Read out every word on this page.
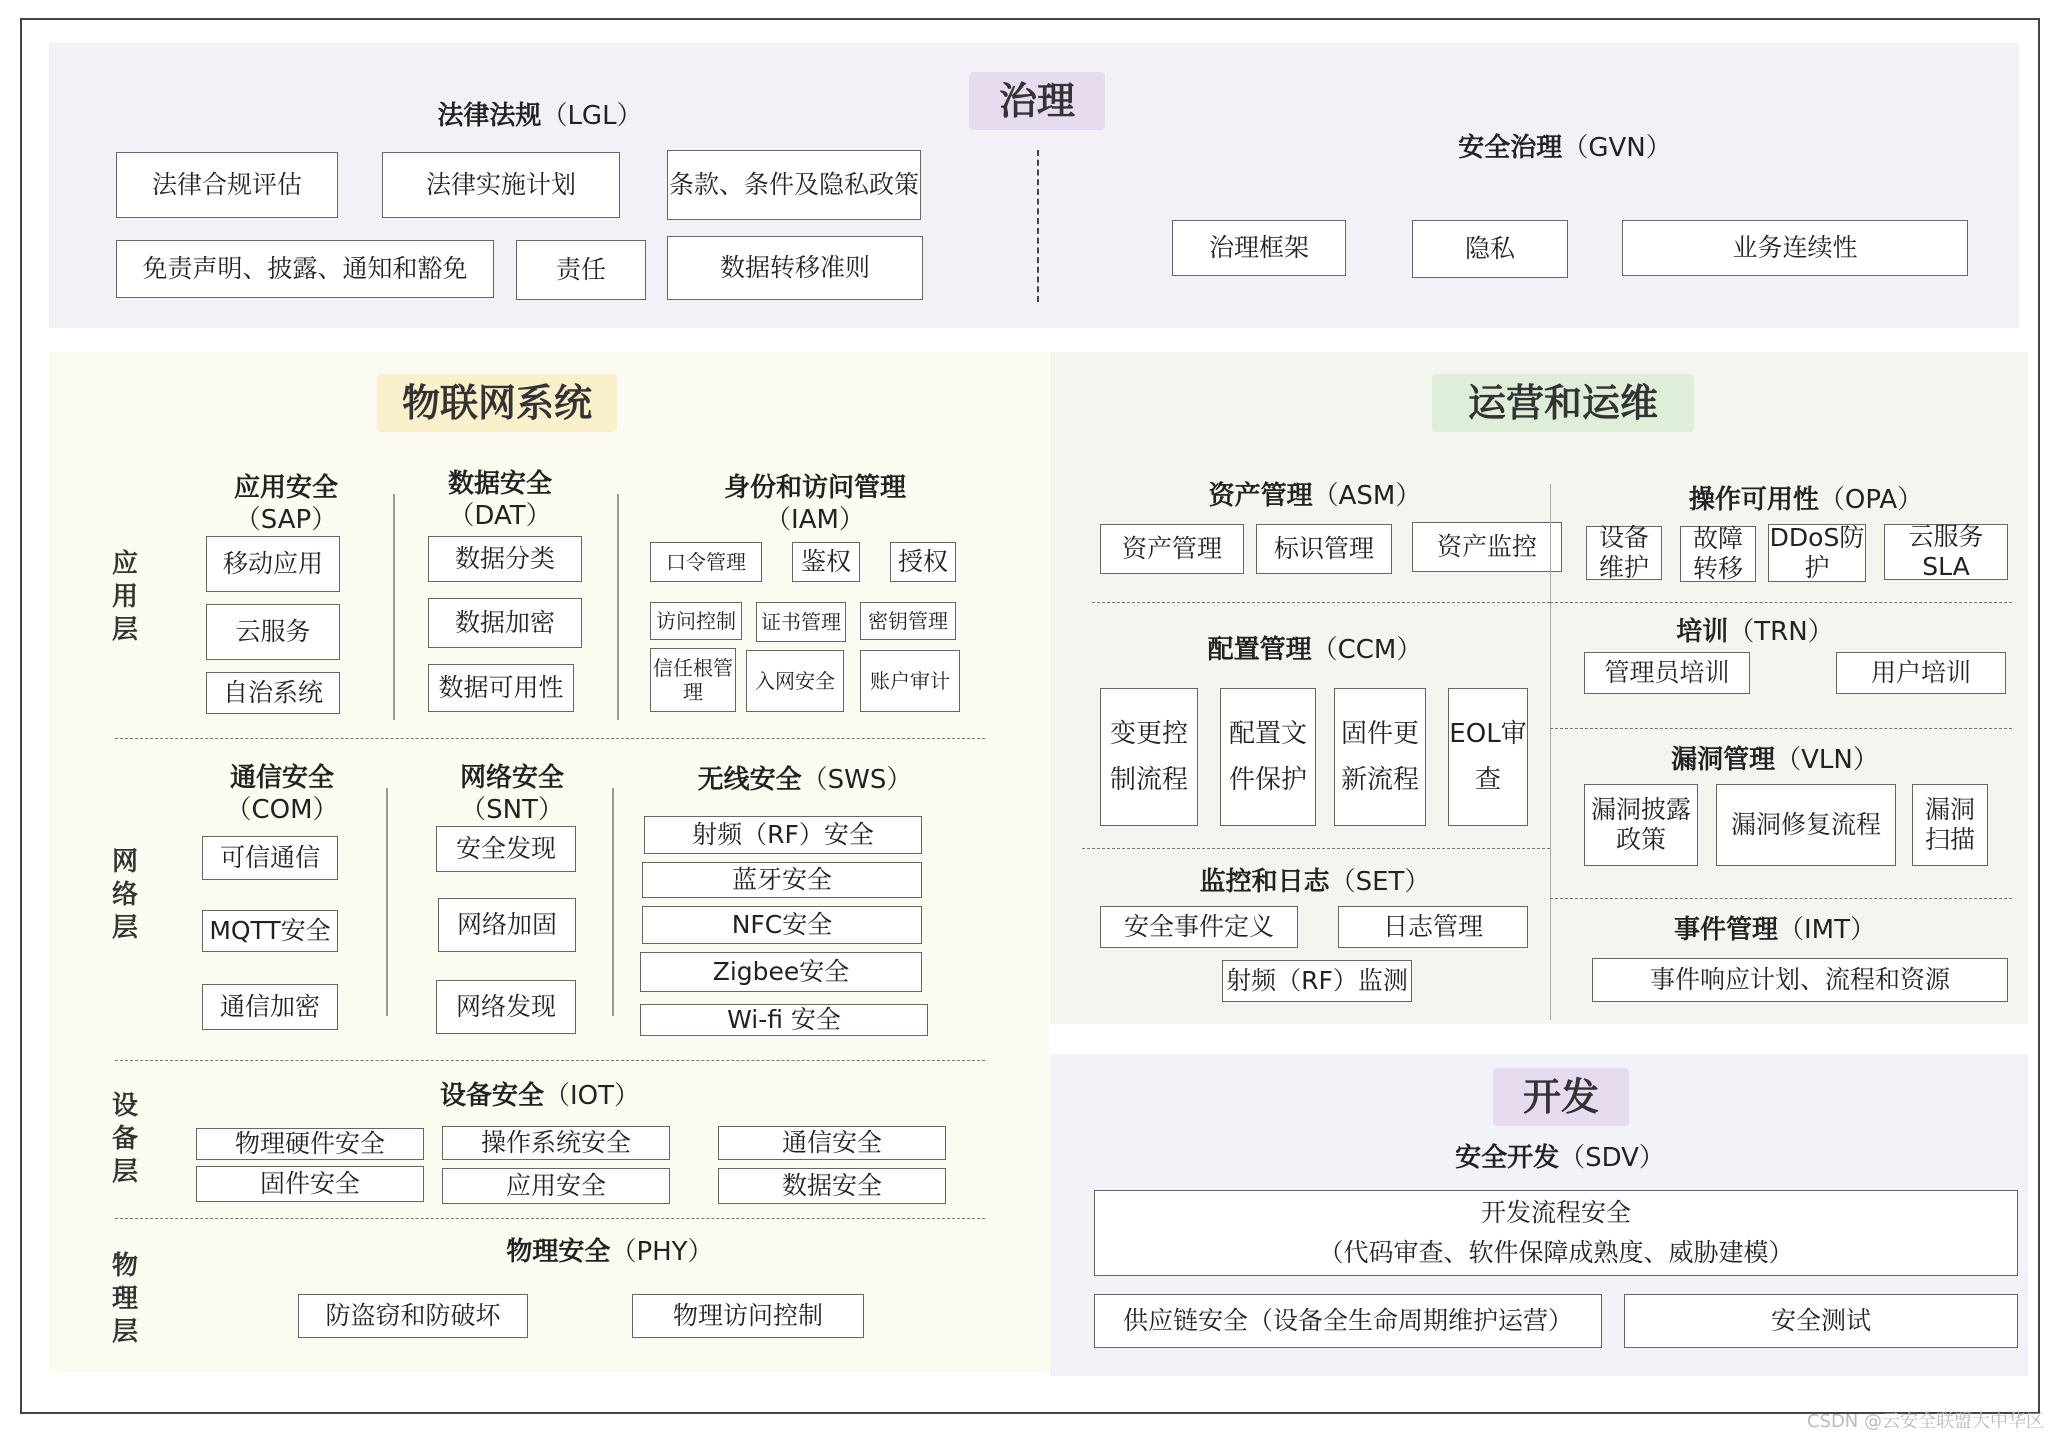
治理
法律法规（LGL）
法律合规评估	法律实施计划	条款、条件及隐私政策
免责声明、披露、通知和豁免	责任	数据转移准则
安全治理（GVN）
治理框架	隐私	业务连续性
物联网系统
应用层
网络层
设备层
物理层
应用安全
（SAP）
移动应用
云服务
自治系统
数据安全
（DAT）
数据分类
数据加密
数据可用性
身份和访问管理
（IAM）
口令管理	鉴权	授权
访问控制	证书管理	密钥管理
信任根管理	入网安全	账户审计
通信安全
（COM）
可信通信
MQTT安全
通信加密
网络安全
（SNT）
安全发现
网络加固
网络发现
无线安全（SWS）
射频（RF）安全
蓝牙安全
NFC安全
Zigbee安全
Wi-fi 安全
设备安全（IOT）
物理硬件安全	操作系统安全	通信安全
固件安全	应用安全	数据安全
物理安全（PHY）
防盗窃和防破坏	物理访问控制
运营和运维
资产管理（ASM）
资产管理	标识管理	资产监控
操作可用性（OPA）
设备维护
故障转移
DDoS防护
云服务SLA
配置管理（CCM）
变更控制流程
配置文件保护
固件更新流程
EOL审查
培训（TRN）
管理员培训	用户培训
漏洞管理（VLN）
漏洞披露政策
漏洞修复流程
漏洞扫描
监控和日志（SET）
安全事件定义	日志管理
射频（RF）监测
事件管理（IMT）
事件响应计划、流程和资源
开发
安全开发（SDV）
开发流程安全
（代码审查、软件保障成熟度、威胁建模）
供应链安全（设备全生命周期维护运营）	安全测试
CSDN @云安全联盟大中华区
